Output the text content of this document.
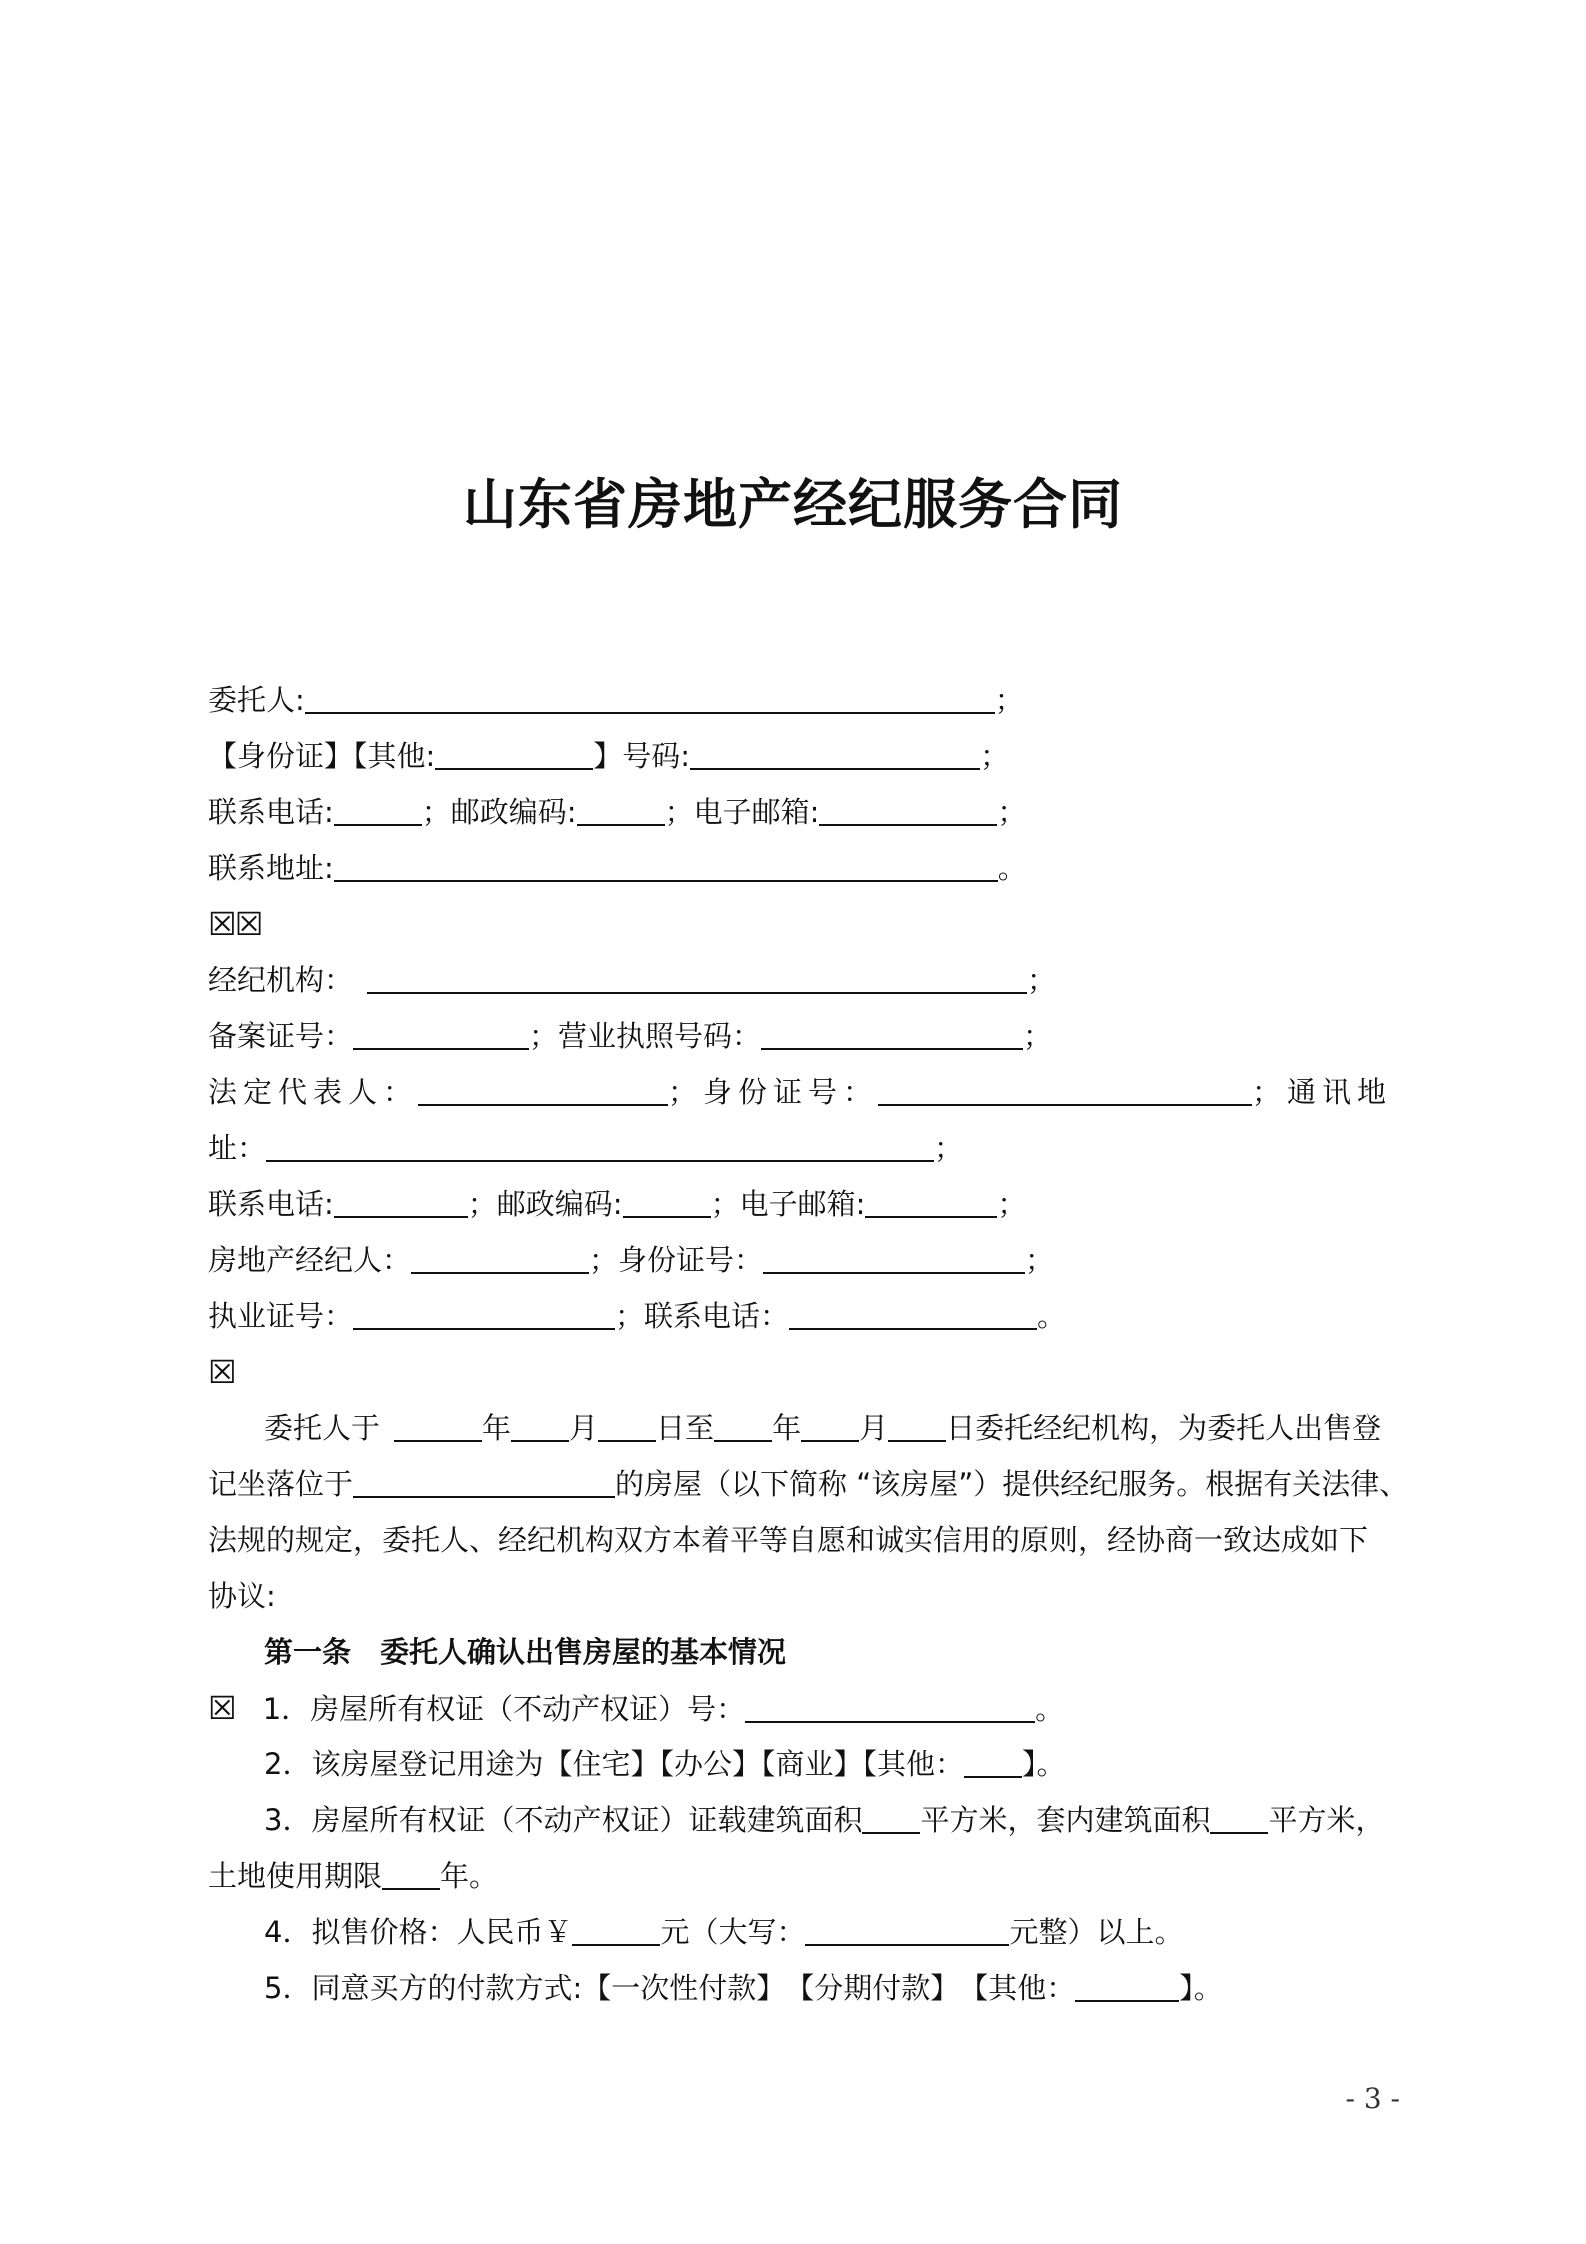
山东省房地产经纪服务合同
委托人:	；
【身份证】【其他:	】号码:	；
联系电话:	；邮政编码:	；电子邮箱:	；
联系地址:	。
☒☒
经纪机构：	；
备案证号：	；营业执照号码：	；
法定代表人：	；身份证号：	；通讯地
址：	；
联系电话:	；邮政编码:	；电子邮箱:	；
房地产经纪人：	；身份证号：	；
执业证号：	；联系电话：	。
☒
委托人于	年 月 日至 年 月 日委托经纪机构，为委托人出售登
记坐落位于	的房屋（以下简称 “该房屋”）提供经纪服务。根据有关法律、
法规的规定，委托人、经纪机构双方本着平等自愿和诚实信用的原则，经协商一致达成如下
协议:
第一条　委托人确认出售房屋的基本情况
☒ 1．房屋所有权证（不动产权证）号：	。
2．该房屋登记用途为【住宅】【办公】【商业】【其他： 】。
3．房屋所有权证（不动产权证）证载建筑面积 平方米，套内建筑面积 平方米，
土地使用期限 年。
4．拟售价格：人民币￥	元（大写：	元整）以上。
5．同意买方的付款方式:【一次性付款】　【分期付款】　【其他：	】。
- 3 -
